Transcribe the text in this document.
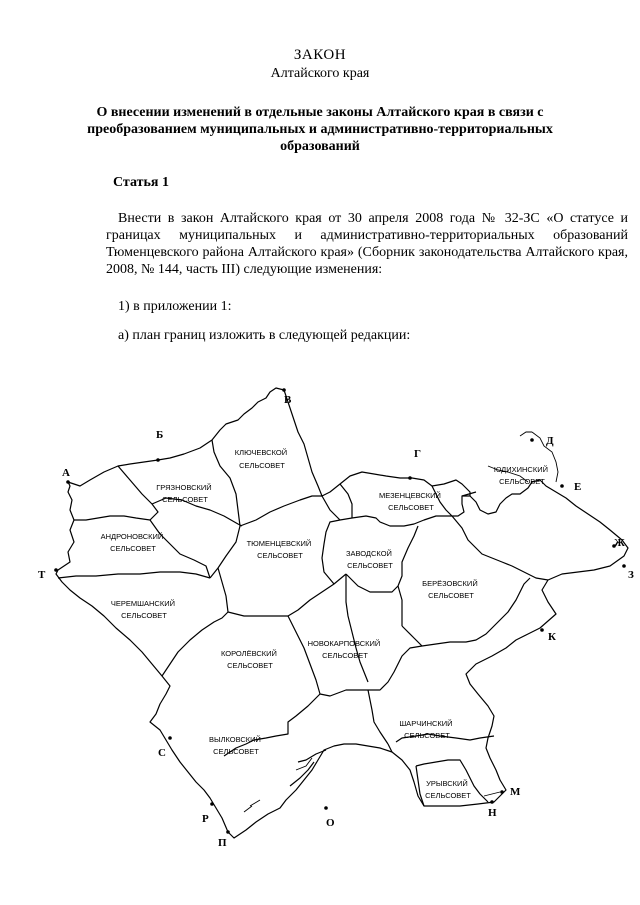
ЗАКОН
Алтайского края
О внесении изменений в отдельные законы Алтайского края в связи с преобразованием муниципальных и административно-территориальных образований
Статья 1
Внести в закон Алтайского края от 30 апреля 2008 года № 32-ЗС «О статусе и границах муниципальных и административно-территориальных образований Тюменцевского района Алтайского края» (Сборник законодательства Алтайского края, 2008, № 144, часть III) следующие изменения:
1) в приложении 1:
а) план границ изложить в следующей редакции:
КЛЮЧЕВСКОЙ СЕЛЬСОВЕТ
ГРЯЗНОВСКИЙ СЕЛЬСОВЕТ
АНДРОНОВСКИЙ СЕЛЬСОВЕТ
ЧЕРЕМШАНСКИЙ СЕЛЬСОВЕТ
ТЮМЕНЦЕВСКИЙ СЕЛЬСОВЕТ
МЕЗЕНЦЕВСКИЙ СЕЛЬСОВЕТ
ЮДИХИНСКИЙ СЕЛЬСОВЕТ
ЗАВОДСКОЙ СЕЛЬСОВЕТ
БЕРЁЗОВСКИЙ СЕЛЬСОВЕТ
КОРОЛЁВСКИЙ СЕЛЬСОВЕТ
НОВОКАРПОВСКИЙ СЕЛЬСОВЕТ
ВЫЛКОВСКИЙ СЕЛЬСОВЕТ
ШАРЧИНСКИЙ СЕЛЬСОВЕТ
УРЫВСКИЙ СЕЛЬСОВЕТ
А
Б
В
Г
Д
Е
Ж
З
К
М
Н
О
П
Р
С
Т
